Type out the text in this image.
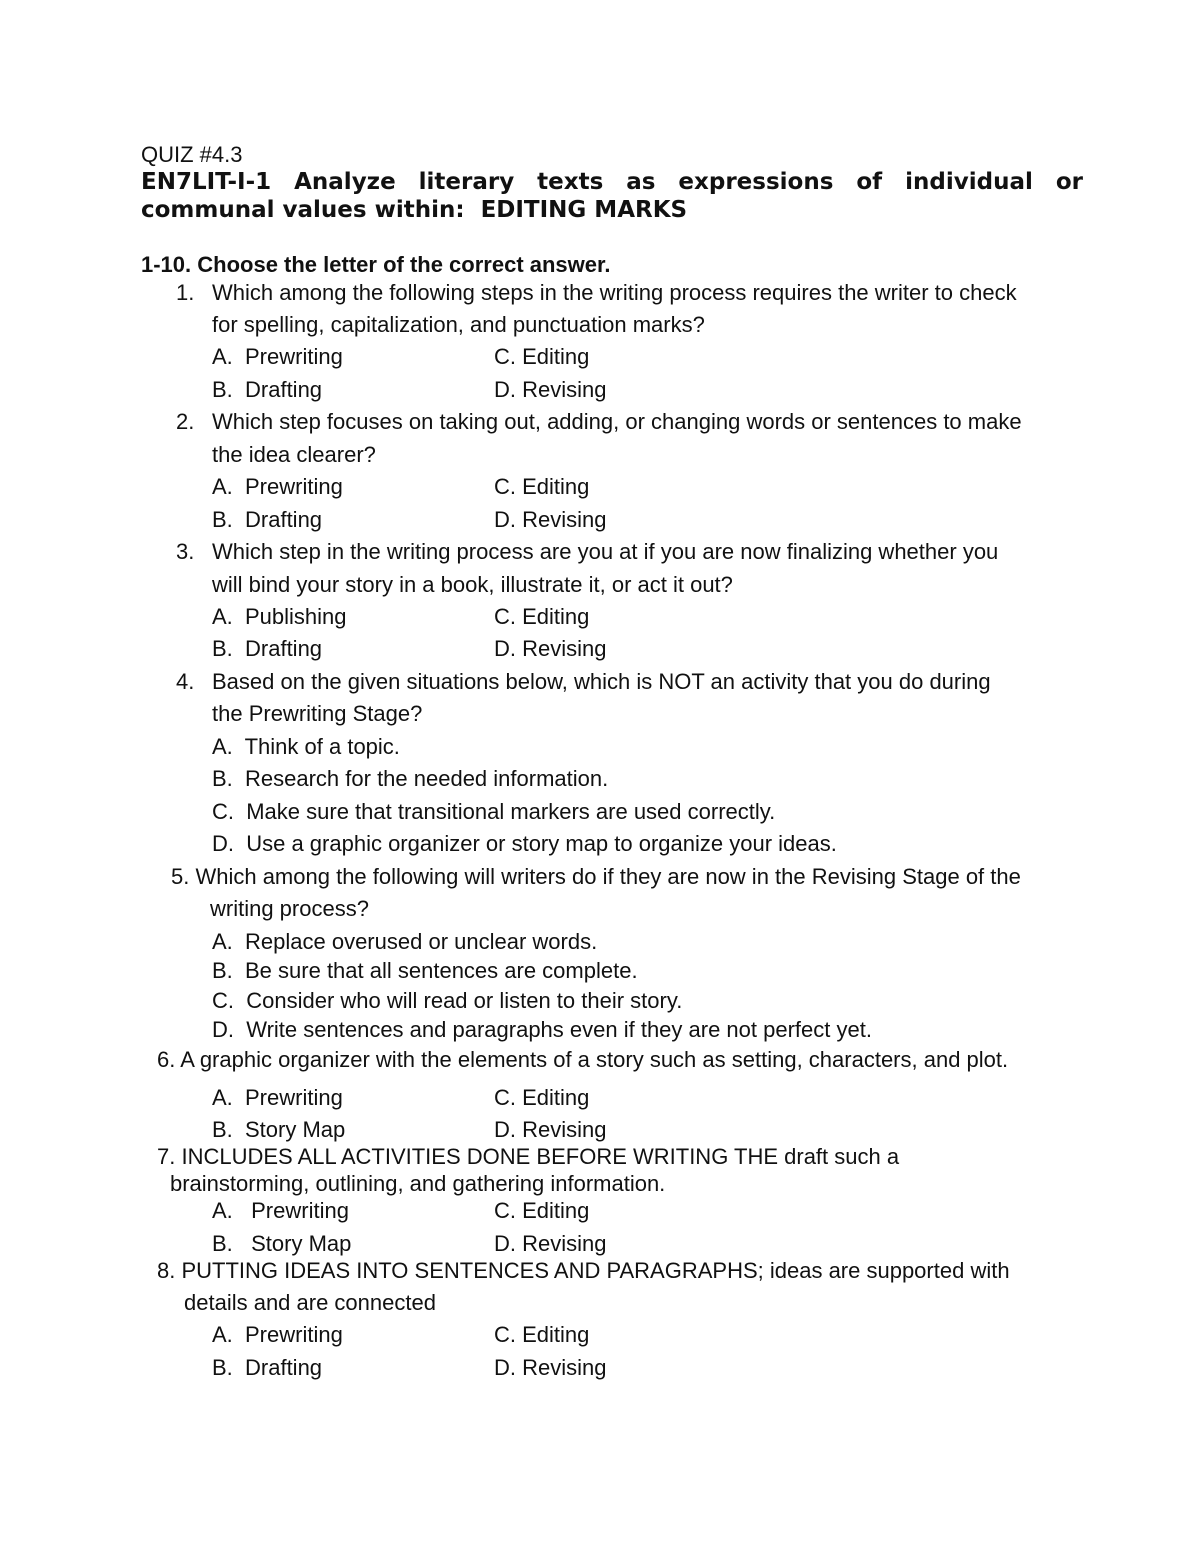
QUIZ #4.3
EN7LIT-I-1 Analyze literary texts as expressions of individual or
communal values within:  EDITING MARKS
1-10. Choose the letter of the correct answer.
1. Which among the following steps in the writing process requires the writer to check
for spelling, capitalization, and punctuation marks?
A.  Prewriting	C. Editing
B.  Drafting	D. Revising
2. Which step focuses on taking out, adding, or changing words or sentences to make
the idea clearer?
A.  Prewriting	C. Editing
B.  Drafting	D. Revising
3. Which step in the writing process are you at if you are now finalizing whether you
will bind your story in a book, illustrate it, or act it out?
A.  Publishing	C. Editing
B.  Drafting	D. Revising
4. Based on the given situations below, which is NOT an activity that you do during
the Prewriting Stage?
A.  Think of a topic.
B.  Research for the needed information.
C.  Make sure that transitional markers are used correctly.
D.  Use a graphic organizer or story map to organize your ideas.
5. Which among the following will writers do if they are now in the Revising Stage of the
writing process?
A.  Replace overused or unclear words.
B.  Be sure that all sentences are complete.
C.  Consider who will read or listen to their story.
D.  Write sentences and paragraphs even if they are not perfect yet.
6. A graphic organizer with the elements of a story such as setting, characters, and plot.
A.  Prewriting	C. Editing
B.  Story Map	D. Revising
7. INCLUDES ALL ACTIVITIES DONE BEFORE WRITING THE draft such a
brainstorming, outlining, and gathering information.
A.   Prewriting	C. Editing
B.   Story Map	D. Revising
8. PUTTING IDEAS INTO SENTENCES AND PARAGRAPHS; ideas are supported with
details and are connected
A.  Prewriting	C. Editing
B.  Drafting	D. Revising
